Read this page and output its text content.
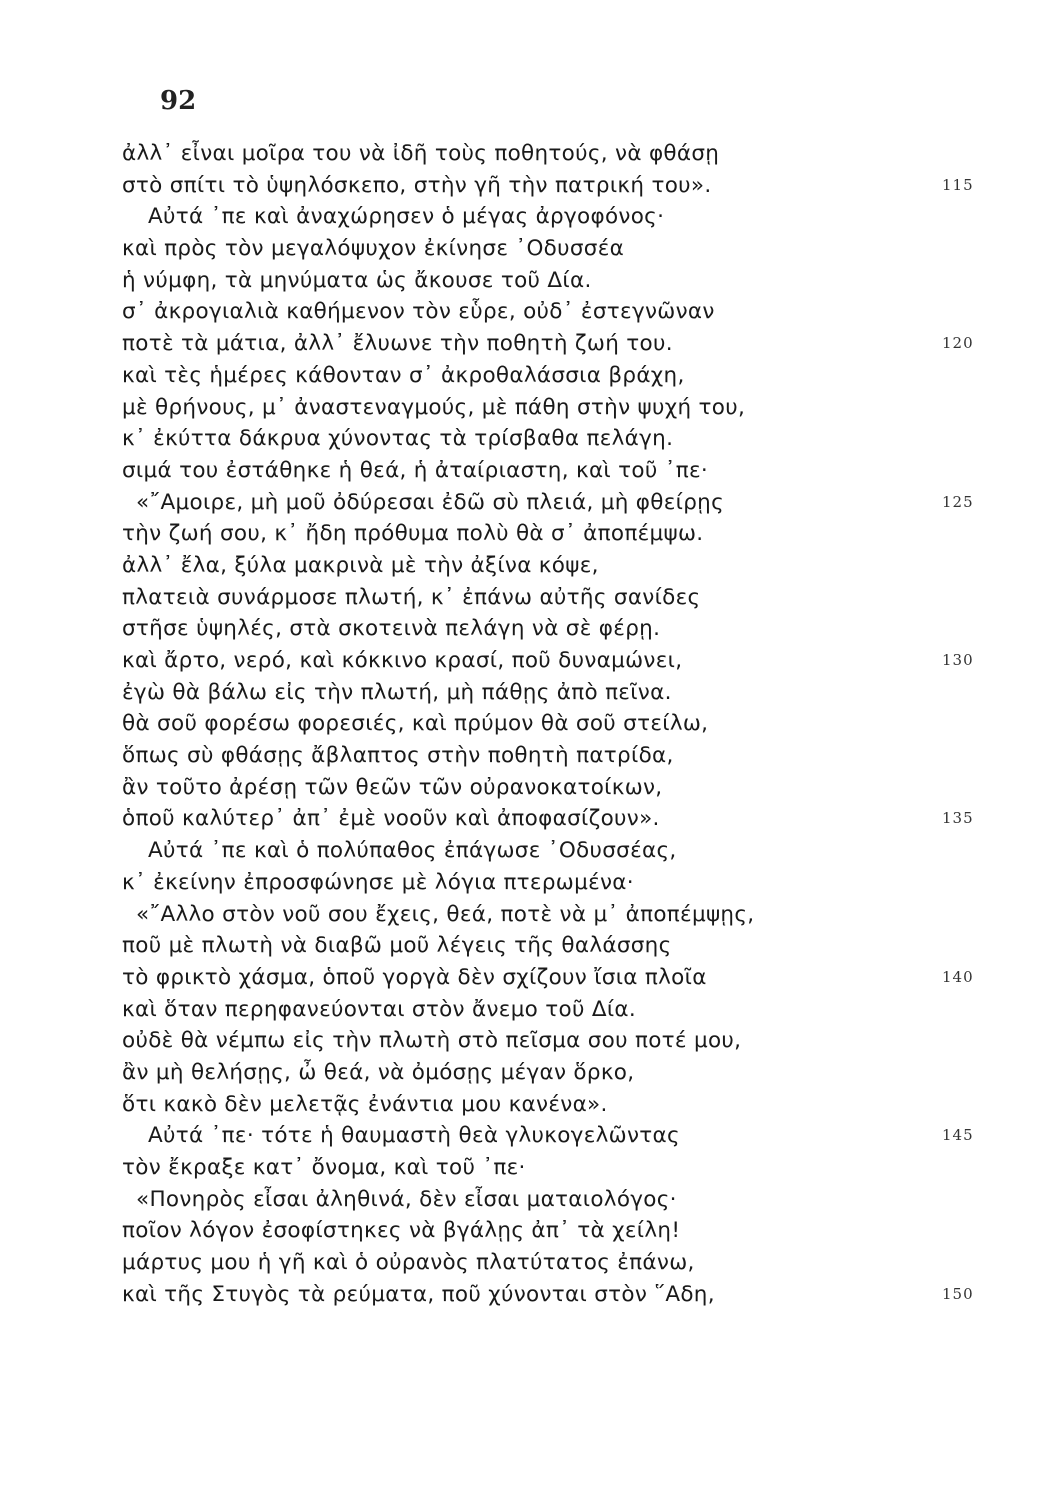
92
ἀλλ᾽ εἶναι μοῖρα του νὰ ἰδῆ τοὺς ποθητούς, νὰ φθάσῃ
στὸ σπίτι τὸ ὑψηλόσκεπο, στὴν γῆ τὴν πατρική του».	115
Αὐτά ᾽πε καὶ ἀναχώρησεν ὁ μέγας ἀργοφόνος·
καὶ πρὸς τὸν μεγαλόψυχον ἐκίνησε ᾽Οδυσσέα
ἡ νύμφη, τὰ μηνύματα ὡς ἄκουσε τοῦ Δία.
σ᾽ ἀκρογιαλιὰ καθήμενον τὸν εὗρε, οὐδ᾽ ἐστεγνῶναν
ποτὲ τὰ μάτια, ἀλλ᾽ ἔλυωνε τὴν ποθητὴ ζωή του.	120
καὶ τὲς ἡμέρες κάθονταν σ᾽ ἀκροθαλάσσια βράχη,
μὲ θρήνους, μ᾽ ἀναστεναγμούς, μὲ πάθη στὴν ψυχή του,
κ᾽ ἐκύττα δάκρυα χύνοντας τὰ τρίσβαθα πελάγη.
σιμά του ἐστάθηκε ἡ θεά, ἡ ἀταίριαστη, καὶ τοῦ ᾽πε·
«῎Αμοιρε, μὴ μοῦ ὀδύρεσαι ἐδῶ σὺ πλειά, μὴ φθείρῃς	125
τὴν ζωή σου, κ᾽ ἤδη πρόθυμα πολὺ θὰ σ᾽ ἀποπέμψω.
ἀλλ᾽ ἔλα, ξύλα μακρινὰ μὲ τὴν ἀξίνα κόψε,
πλατειὰ συνάρμοσε πλωτή, κ᾽ ἐπάνω αὐτῆς σανίδες
στῆσε ὑψηλές, στὰ σκοτεινὰ πελάγη νὰ σὲ φέρῃ.
καὶ ἄρτο, νερό, καὶ κόκκινο κρασί, ποῦ δυναμώνει,	130
ἐγὼ θὰ βάλω εἰς τὴν πλωτή, μὴ πάθῃς ἀπὸ πεῖνα.
θὰ σοῦ φορέσω φορεσιές, καὶ πρύμον θὰ σοῦ στείλω,
ὅπως σὺ φθάσῃς ἄβλαπτος στὴν ποθητὴ πατρίδα,
ἂν τοῦτο ἀρέσῃ τῶν θεῶν τῶν οὐρανοκατοίκων,
ὁποῦ καλύτερ᾽ ἀπ᾽ ἐμὲ νοοῦν καὶ ἀποφασίζουν».	135
Αὐτά ᾽πε καὶ ὁ πολύπαθος ἐπάγωσε ᾽Οδυσσέας,
κ᾽ ἐκείνην ἐπροσφώνησε μὲ λόγια πτερωμένα·
«῎Αλλο στὸν νοῦ σου ἔχεις, θεά, ποτὲ νὰ μ᾽ ἀποπέμψῃς,
ποῦ μὲ πλωτὴ νὰ διαβῶ μοῦ λέγεις τῆς θαλάσσης
τὸ φρικτὸ χάσμα, ὁποῦ γοργὰ δὲν σχίζουν ἴσια πλοῖα	140
καὶ ὅταν περηφανεύονται στὸν ἄνεμο τοῦ Δία.
οὐδὲ θὰ νέμπω εἰς τὴν πλωτὴ στὸ πεῖσμα σου ποτέ μου,
ἂν μὴ θελήσῃς, ὦ θεά, νὰ ὀμόσῃς μέγαν ὅρκο,
ὅτι κακὸ δὲν μελετᾷς ἐνάντια μου κανένα».
Αὐτά ᾽πε· τότε ἡ θαυμαστὴ θεὰ γλυκογελῶντας	145
τὸν ἔκραξε κατ᾽ ὄνομα, καὶ τοῦ ᾽πε·
«Πονηρὸς εἶσαι ἀληθινά, δὲν εἶσαι ματαιολόγος·
ποῖον λόγον ἐσοφίστηκες νὰ βγάλῃς ἀπ᾽ τὰ χείλη!
μάρτυς μου ἡ γῆ καὶ ὁ οὐρανὸς πλατύτατος ἐπάνω,
καὶ τῆς Στυγὸς τὰ ρεύματα, ποῦ χύνονται στὸν ῞Αδη,	150
